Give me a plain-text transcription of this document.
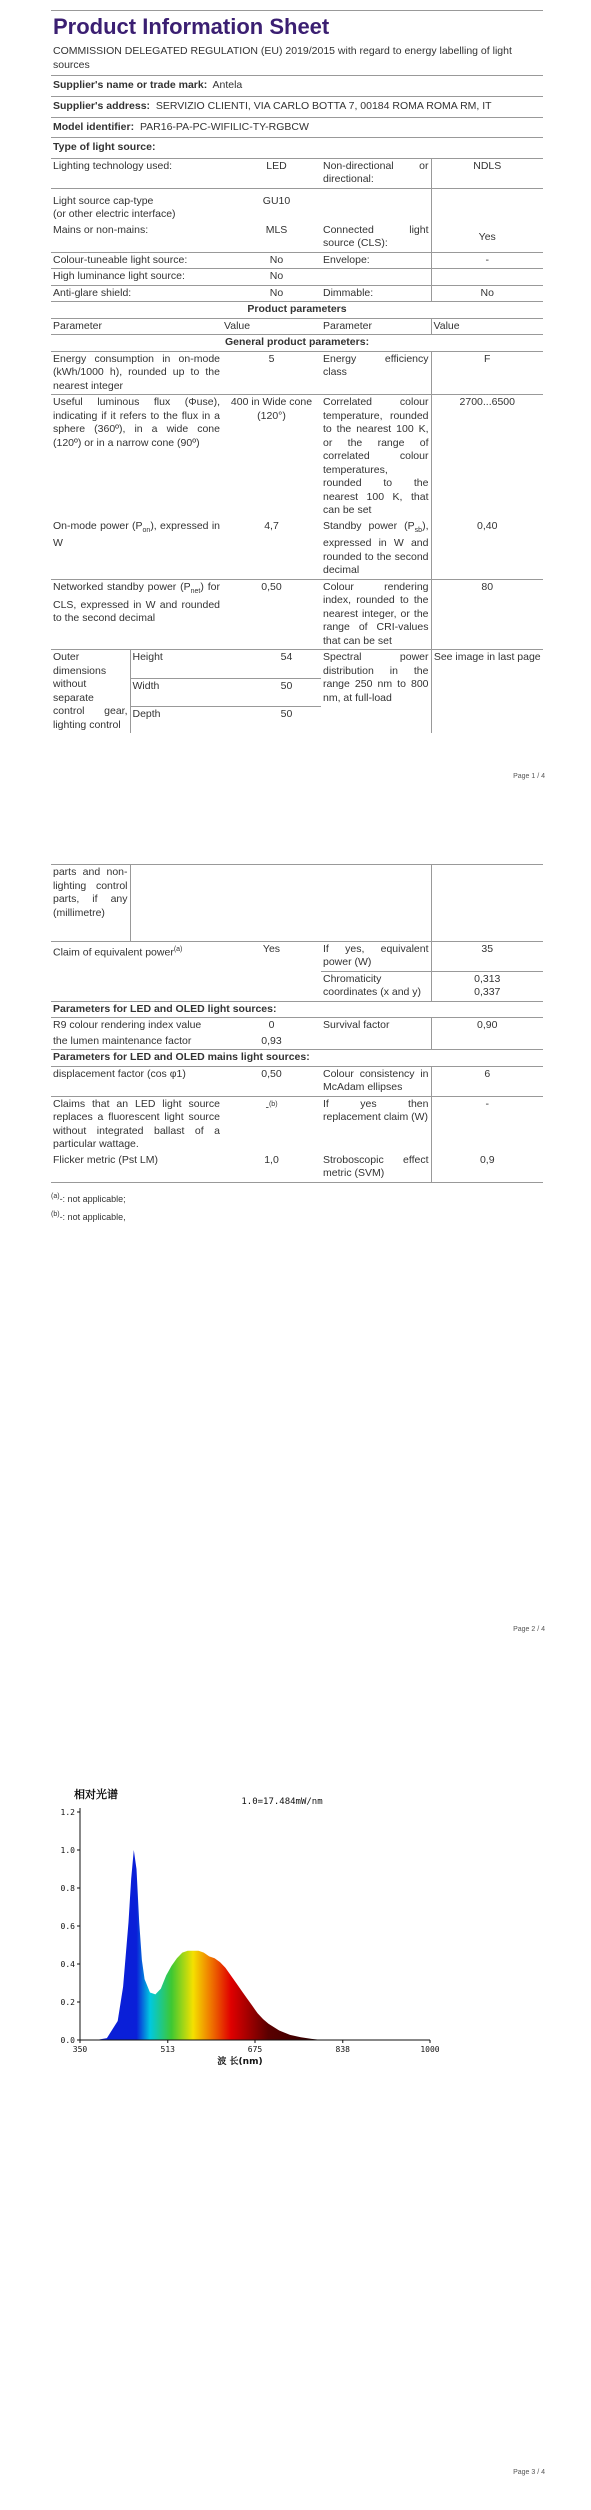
Product Information Sheet
COMMISSION DELEGATED REGULATION (EU) 2019/2015 with regard to energy labelling of light sources
Supplier's name or trade mark: Antela
Supplier's address: SERVIZIO CLIENTI, VIA CARLO BOTTA 7, 00184 ROMA ROMA RM, IT
Model identifier: PAR16-PA-PC-WIFILIC-TY-RGBCW
Type of light source:
Lighting technology used:	LED	Non-directional or directional:	NDLS

Light source cap-type
(or other electric interface)	GU10		
Mains or non-mains:	MLS	Connected light source (CLS):	Yes
Colour-tuneable light source:	No	Envelope:	-
High luminance light source:	No		
Anti-glare shield:	No	Dimmable:	No
Product parameters			
Parameter	Value	Parameter	Value
General product parameters:			
Energy consumption in on-mode (kWh/1000 h), rounded up to the nearest integer	5	Energy efficiency class	F
Useful luminous flux (Φuse), indicating if it refers to the flux in a sphere (360º), in a wide cone (120º) or in a narrow cone (90º)	400 in Wide cone (120°)	Correlated colour temperature, rounded to the nearest 100 K, or the range of correlated colour temperatures, rounded to the nearest 100 K, that can be set	2700...6500
On-mode power $(P_{on})$, expressed in W	4,7	Standby power $(P_{sb})$, expressed in W and rounded to the second decimal	0,40
Networked standby power $(P_{net})$ for CLS, expressed in W and rounded to the second decimal	0,50	Colour rendering index, rounded to the nearest integer, or the range of CRI-values that can be set	80
Outer dimensions without separate control gear, lighting control	Height	54	Spectral power distribution in the range 250 nm to 800 nm, at full-load	See image in last page
	Width	50		
	Depth	50		
Page 1 / 4
parts and non-lighting control parts, if any (millimetre)				
Claim of equivalent power$^{(a)}$	Yes	If yes, equivalent power (W)	35
		Chromaticity coordinates (x and y)	0,313
0,337

Parameters for LED and OLED light sources:			
R9 colour rendering index value	0	Survival factor	0,90
the lumen maintenance factor	0,93		
Parameters for LED and OLED mains light sources:			
displacement factor (cos φ1)	0,50	Colour consistency in McAdam ellipses	6
Claims that an LED light source replaces a fluorescent light source without integrated ballast of a particular wattage.	-$^{(b)}$	If yes then replacement claim (W)	-
Flicker metric (Pst LM)	1,0	Stroboscopic effect metric (SVM)	0,9
$^{(a)}$-: not applicable;
$^{(b)}$-: not applicable,
Page 2 / 4
相对光谱
1.0=17.484mW/nm
0.0
0.2
0.4
0.6
0.8
1.0
1.2
350	513	675	838	1000
波 长(nm)
Page 3 / 4
